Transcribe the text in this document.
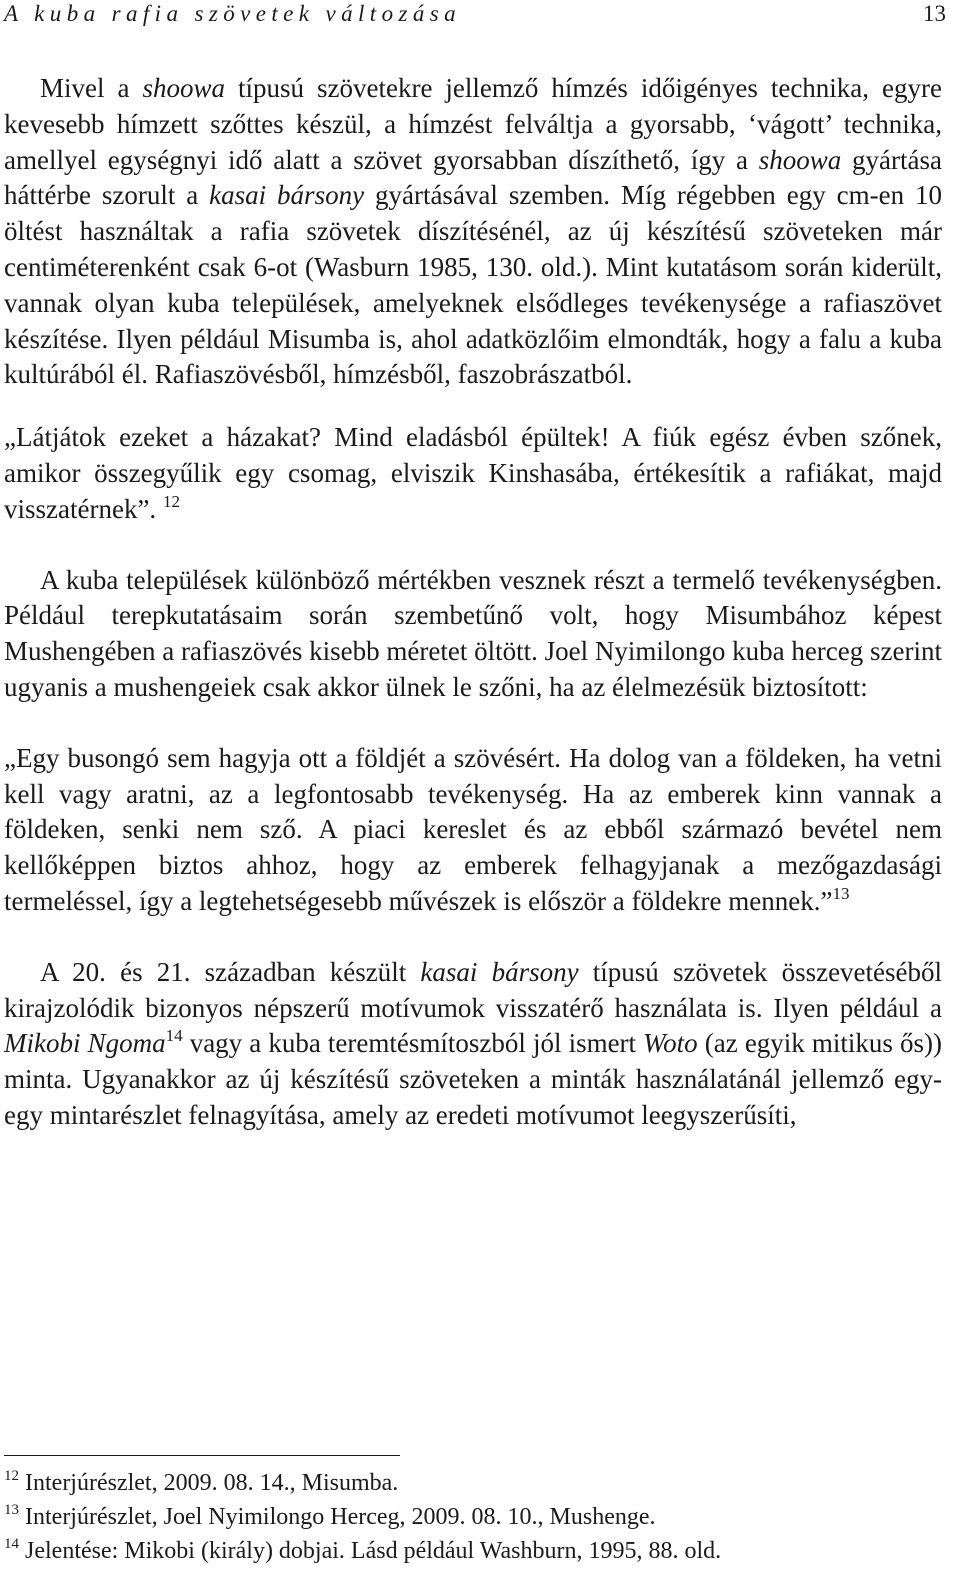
A kuba rafia szövetek változása	13

Mivel a shoowa típusú szövetekre jellemző hímzés időigényes technika, egyre kevesebb hímzett szőttes készül, a hímzést felváltja a gyorsabb, ‘vágott’ technika, amellyel egységnyi idő alatt a szövet gyorsabban díszíthető, így a shoowa gyártása háttérbe szorult a kasai bársony gyártásával szemben. Míg régebben egy cm-en 10 öltést használtak a rafia szövetek díszítésénél, az új készítésű szöveteken már centiméterenként csak 6-ot (Wasburn 1985, 130. old.). Mint kutatásom során kiderült, vannak olyan kuba települések, amelyeknek elsődleges tevékenysége a rafiaszövet készítése. Ilyen például Misumba is, ahol adatközlőim elmondták, hogy a falu a kuba kultúrából él. Rafiaszövésből, hímzésből, faszobrászatból.

„Látjátok ezeket a házakat? Mind eladásból épültek! A fiúk egész évben szőnek, amikor összegyűlik egy csomag, elviszik Kinshasába, értékesítik a rafiákat, majd visszatérnek”. $^{12}$

A kuba települések különböző mértékben vesznek részt a termelő tevékenységben. Például terepkutatásaim során szembetűnő volt, hogy Misumbához képest Mushengében a rafiaszövés kisebb méretet öltött. Joel Nyimilongo kuba herceg szerint ugyanis a mushengeiek csak akkor ülnek le szőni, ha az élelmezésük biztosított:

„Egy busongó sem hagyja ott a földjét a szövésért. Ha dolog van a földeken, ha vetni kell vagy aratni, az a legfontosabb tevékenység. Ha az emberek kinn vannak a földeken, senki nem sző. A piaci kereslet és az ebből származó bevétel nem kellőképpen biztos ahhoz, hogy az emberek felhagyjanak a mezőgazdasági termeléssel, így a legtehetségesebb művészek is először a földekre mennek.”$^{13}$

A 20. és 21. században készült kasai bársony típusú szövetek összevetéséből kirajzolódik bizonyos népszerű motívumok visszatérő használata is. Ilyen például a Mikobi Ngoma$^{14}$ vagy a kuba teremtésmítoszból jól ismert Woto (az egyik mitikus ős)) minta. Ugyanakkor az új készítésű szöveteken a minták használatánál jellemző egy-egy mintarészlet felnagyítása, amely az eredeti motívumot leegyszerűsíti,

$^{12}$ Interjúrészlet, 2009. 08. 14., Misumba.

$^{13}$ Interjúrészlet, Joel Nyimilongo Herceg, 2009. 08. 10., Mushenge.

$^{14}$ Jelentése: Mikobi (király) dobjai. Lásd például Washburn, 1995, 88. old.
